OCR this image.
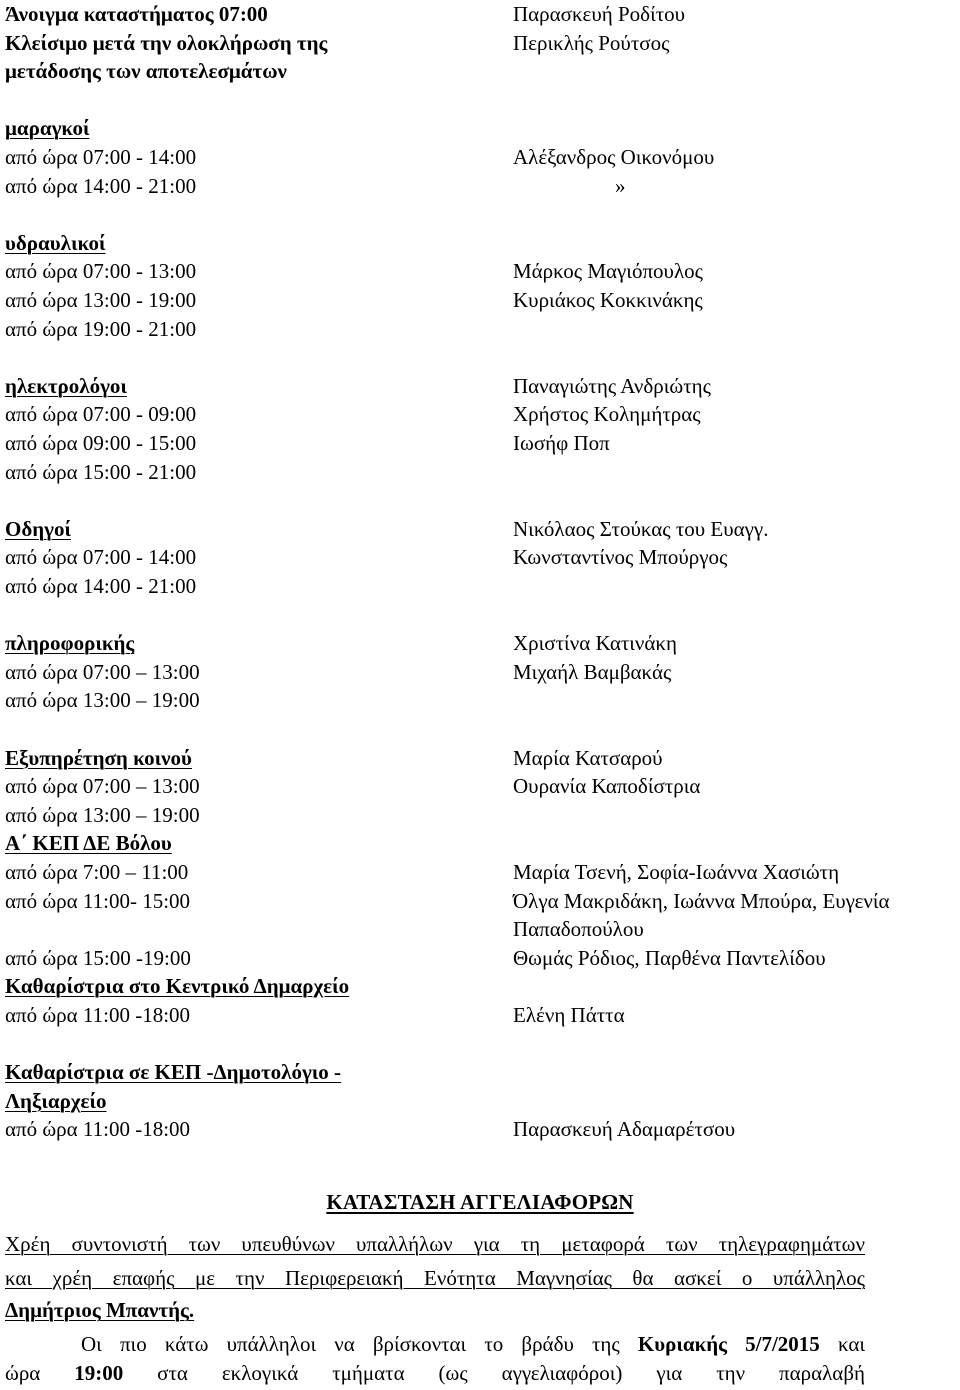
Άνοιγμα καταστήματος 07:00	Παρασκευή Ροδίτου
Κλείσιμο μετά την ολοκλήρωση της	Περικλής Ρούτσος
μετάδοσης των αποτελεσμάτων
μαραγκοί
από ώρα 07:00 - 14:00	Αλέξανδρος Οικονόμου
από ώρα 14:00 - 21:00	»
υδραυλικοί
από ώρα 07:00 - 13:00	Μάρκος Μαγιόπουλος
από ώρα 13:00 - 19:00	Κυριάκος Κοκκινάκης
από ώρα 19:00 - 21:00
ηλεκτρολόγοι	Παναγιώτης Ανδριώτης
από ώρα 07:00 - 09:00	Χρήστος Κολημήτρας
από ώρα 09:00 - 15:00	Ιωσήφ Ποπ
από ώρα 15:00 - 21:00
Οδηγοί	Νικόλαος Στούκας του Ευαγγ.
από ώρα 07:00 - 14:00	Κωνσταντίνος Μπούργος
από ώρα 14:00 - 21:00
πληροφορικής	Χριστίνα Κατινάκη
από ώρα 07:00 – 13:00	Μιχαήλ Βαμβακάς
από ώρα 13:00 – 19:00
Εξυπηρέτηση κοινού	Μαρία Κατσαρού
από ώρα 07:00 – 13:00	Ουρανία Καποδίστρια
από ώρα 13:00 – 19:00
Α΄ ΚΕΠ ΔΕ Βόλου
από ώρα 7:00 – 11:00	Μαρία Τσενή, Σοφία-Ιωάννα Χασιώτη
από ώρα 11:00- 15:00	Όλγα Μακριδάκη, Ιωάννα Μπούρα, Ευγενία
Παπαδοπούλου
από ώρα 15:00 -19:00	Θωμάς Ρόδιος, Παρθένα Παντελίδου
Καθαρίστρια στο Κεντρικό Δημαρχείο
από ώρα 11:00 -18:00	Ελένη Πάττα
Καθαρίστρια σε ΚΕΠ -Δημοτολόγιο -
Ληξιαρχείο
από ώρα 11:00 -18:00	Παρασκευή Αδαμαρέτσου
ΚΑΤΑΣΤΑΣΗ ΑΓΓΕΛΙΑΦΟΡΩΝ
Χρέη συντονιστή των υπευθύνων υπαλλήλων για τη μεταφορά των τηλεγραφημάτων
και χρέη επαφής με την Περιφερειακή Ενότητα Μαγνησίας θα ασκεί ο υπάλληλος
Δημήτριος Μπαντής.
Οι πιο κάτω υπάλληλοι να βρίσκονται το βράδυ της Κυριακής 5/7/2015 και
ώρα 19:00 στα εκλογικά τμήματα (ως αγγελιαφόροι) για την παραλαβή
